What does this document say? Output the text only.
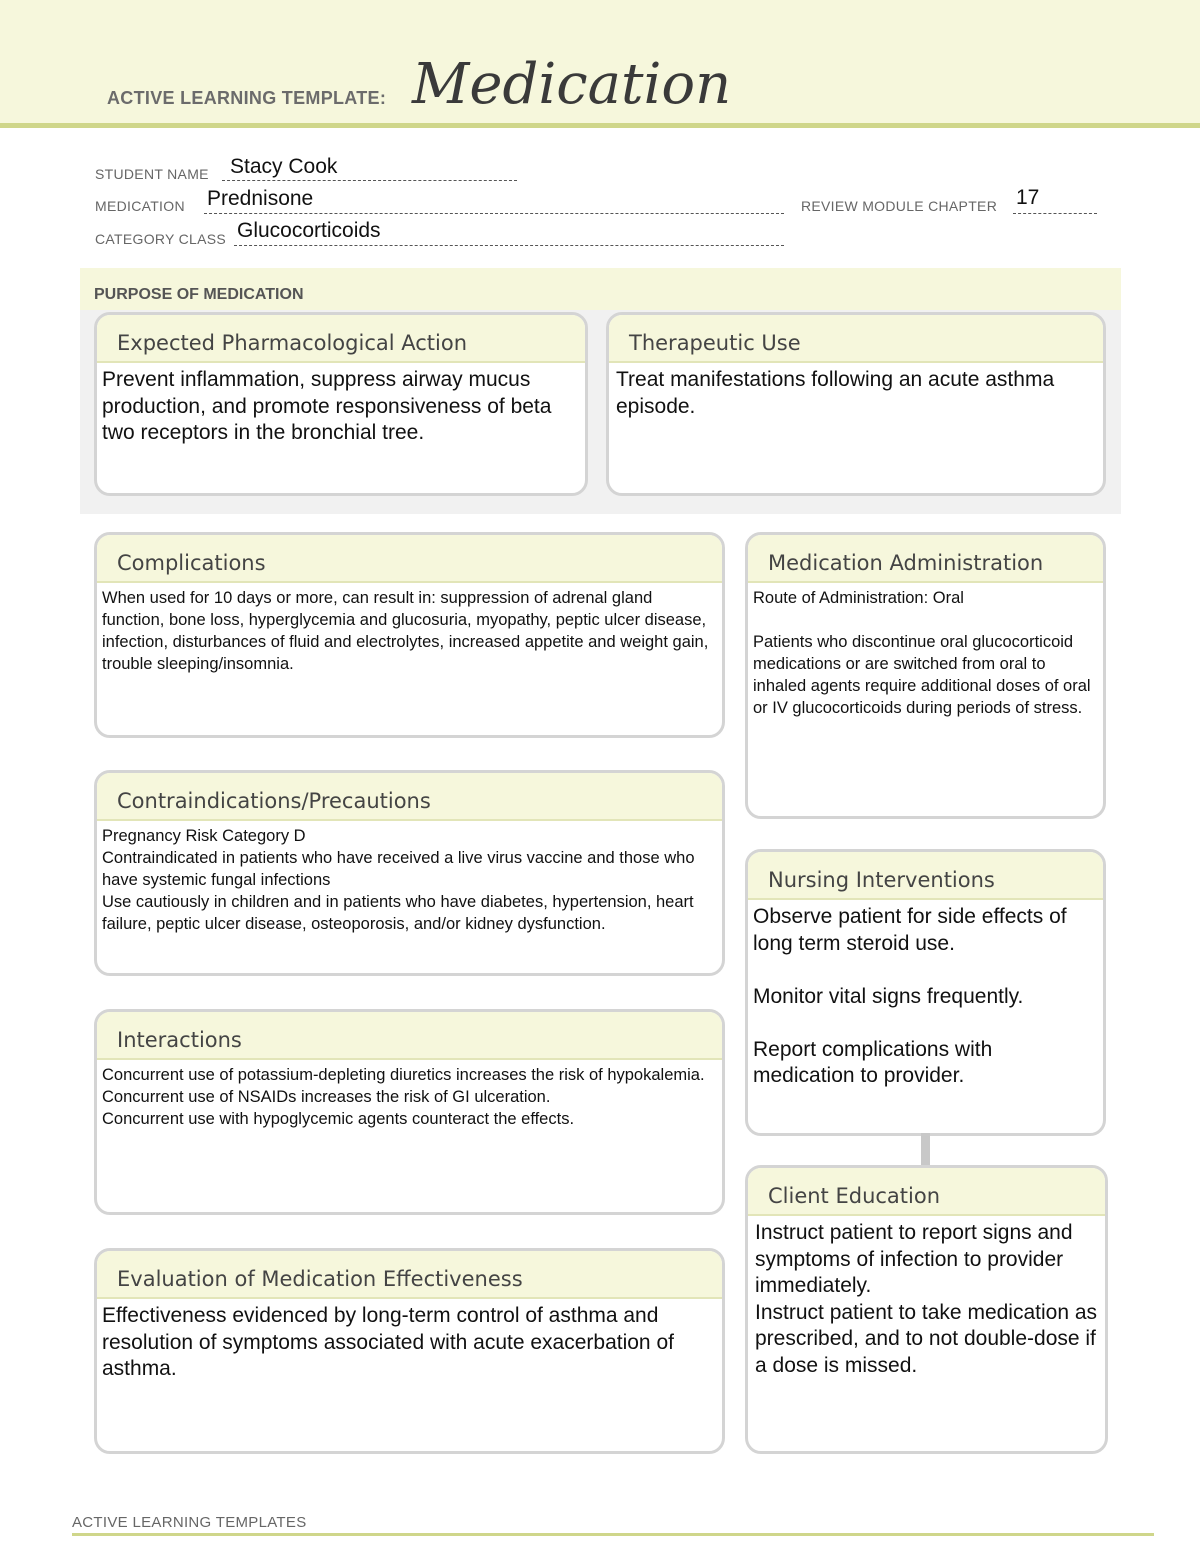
ACTIVE LEARNING TEMPLATE: Medication
STUDENT NAME Stacy Cook
MEDICATION Prednisone	REVIEW MODULE CHAPTER 17
CATEGORY CLASS Glucocorticoids
PURPOSE OF MEDICATION
Expected Pharmacological Action
Prevent inflammation, suppress airway mucus production, and promote responsiveness of beta two receptors in the bronchial tree.
Therapeutic Use
Treat manifestations following an acute asthma episode.
Complications
When used for 10 days or more, can result in: suppression of adrenal gland function, bone loss, hyperglycemia and glucosuria, myopathy, peptic ulcer disease, infection, disturbances of fluid and electrolytes, increased appetite and weight gain, trouble sleeping/insomnia.
Contraindications/Precautions
Pregnancy Risk Category D
Contraindicated in patients who have received a live virus vaccine and those who have systemic fungal infections
Use cautiously in children and in patients who have diabetes, hypertension, heart failure, peptic ulcer disease, osteoporosis, and/or kidney dysfunction.
Interactions
Concurrent use of potassium-depleting diuretics increases the risk of hypokalemia.
Concurrent use of NSAIDs increases the risk of GI ulceration.
Concurrent use with hypoglycemic agents counteract the effects.
Evaluation of Medication Effectiveness
Effectiveness evidenced by long-term control of asthma and resolution of symptoms associated with acute exacerbation of asthma.
Medication Administration
Route of Administration: Oral

Patients who discontinue oral glucocorticoid medications or are switched from oral to inhaled agents require additional doses of oral or IV glucocorticoids during periods of stress.
Nursing Interventions
Observe patient for side effects of long term steroid use.

Monitor vital signs frequently.

Report complications with medication to provider.
Client Education
Instruct patient to report signs and symptoms of infection to provider immediately.
Instruct patient to take medication as prescribed, and to not double-dose if a dose is missed.
ACTIVE LEARNING TEMPLATES
